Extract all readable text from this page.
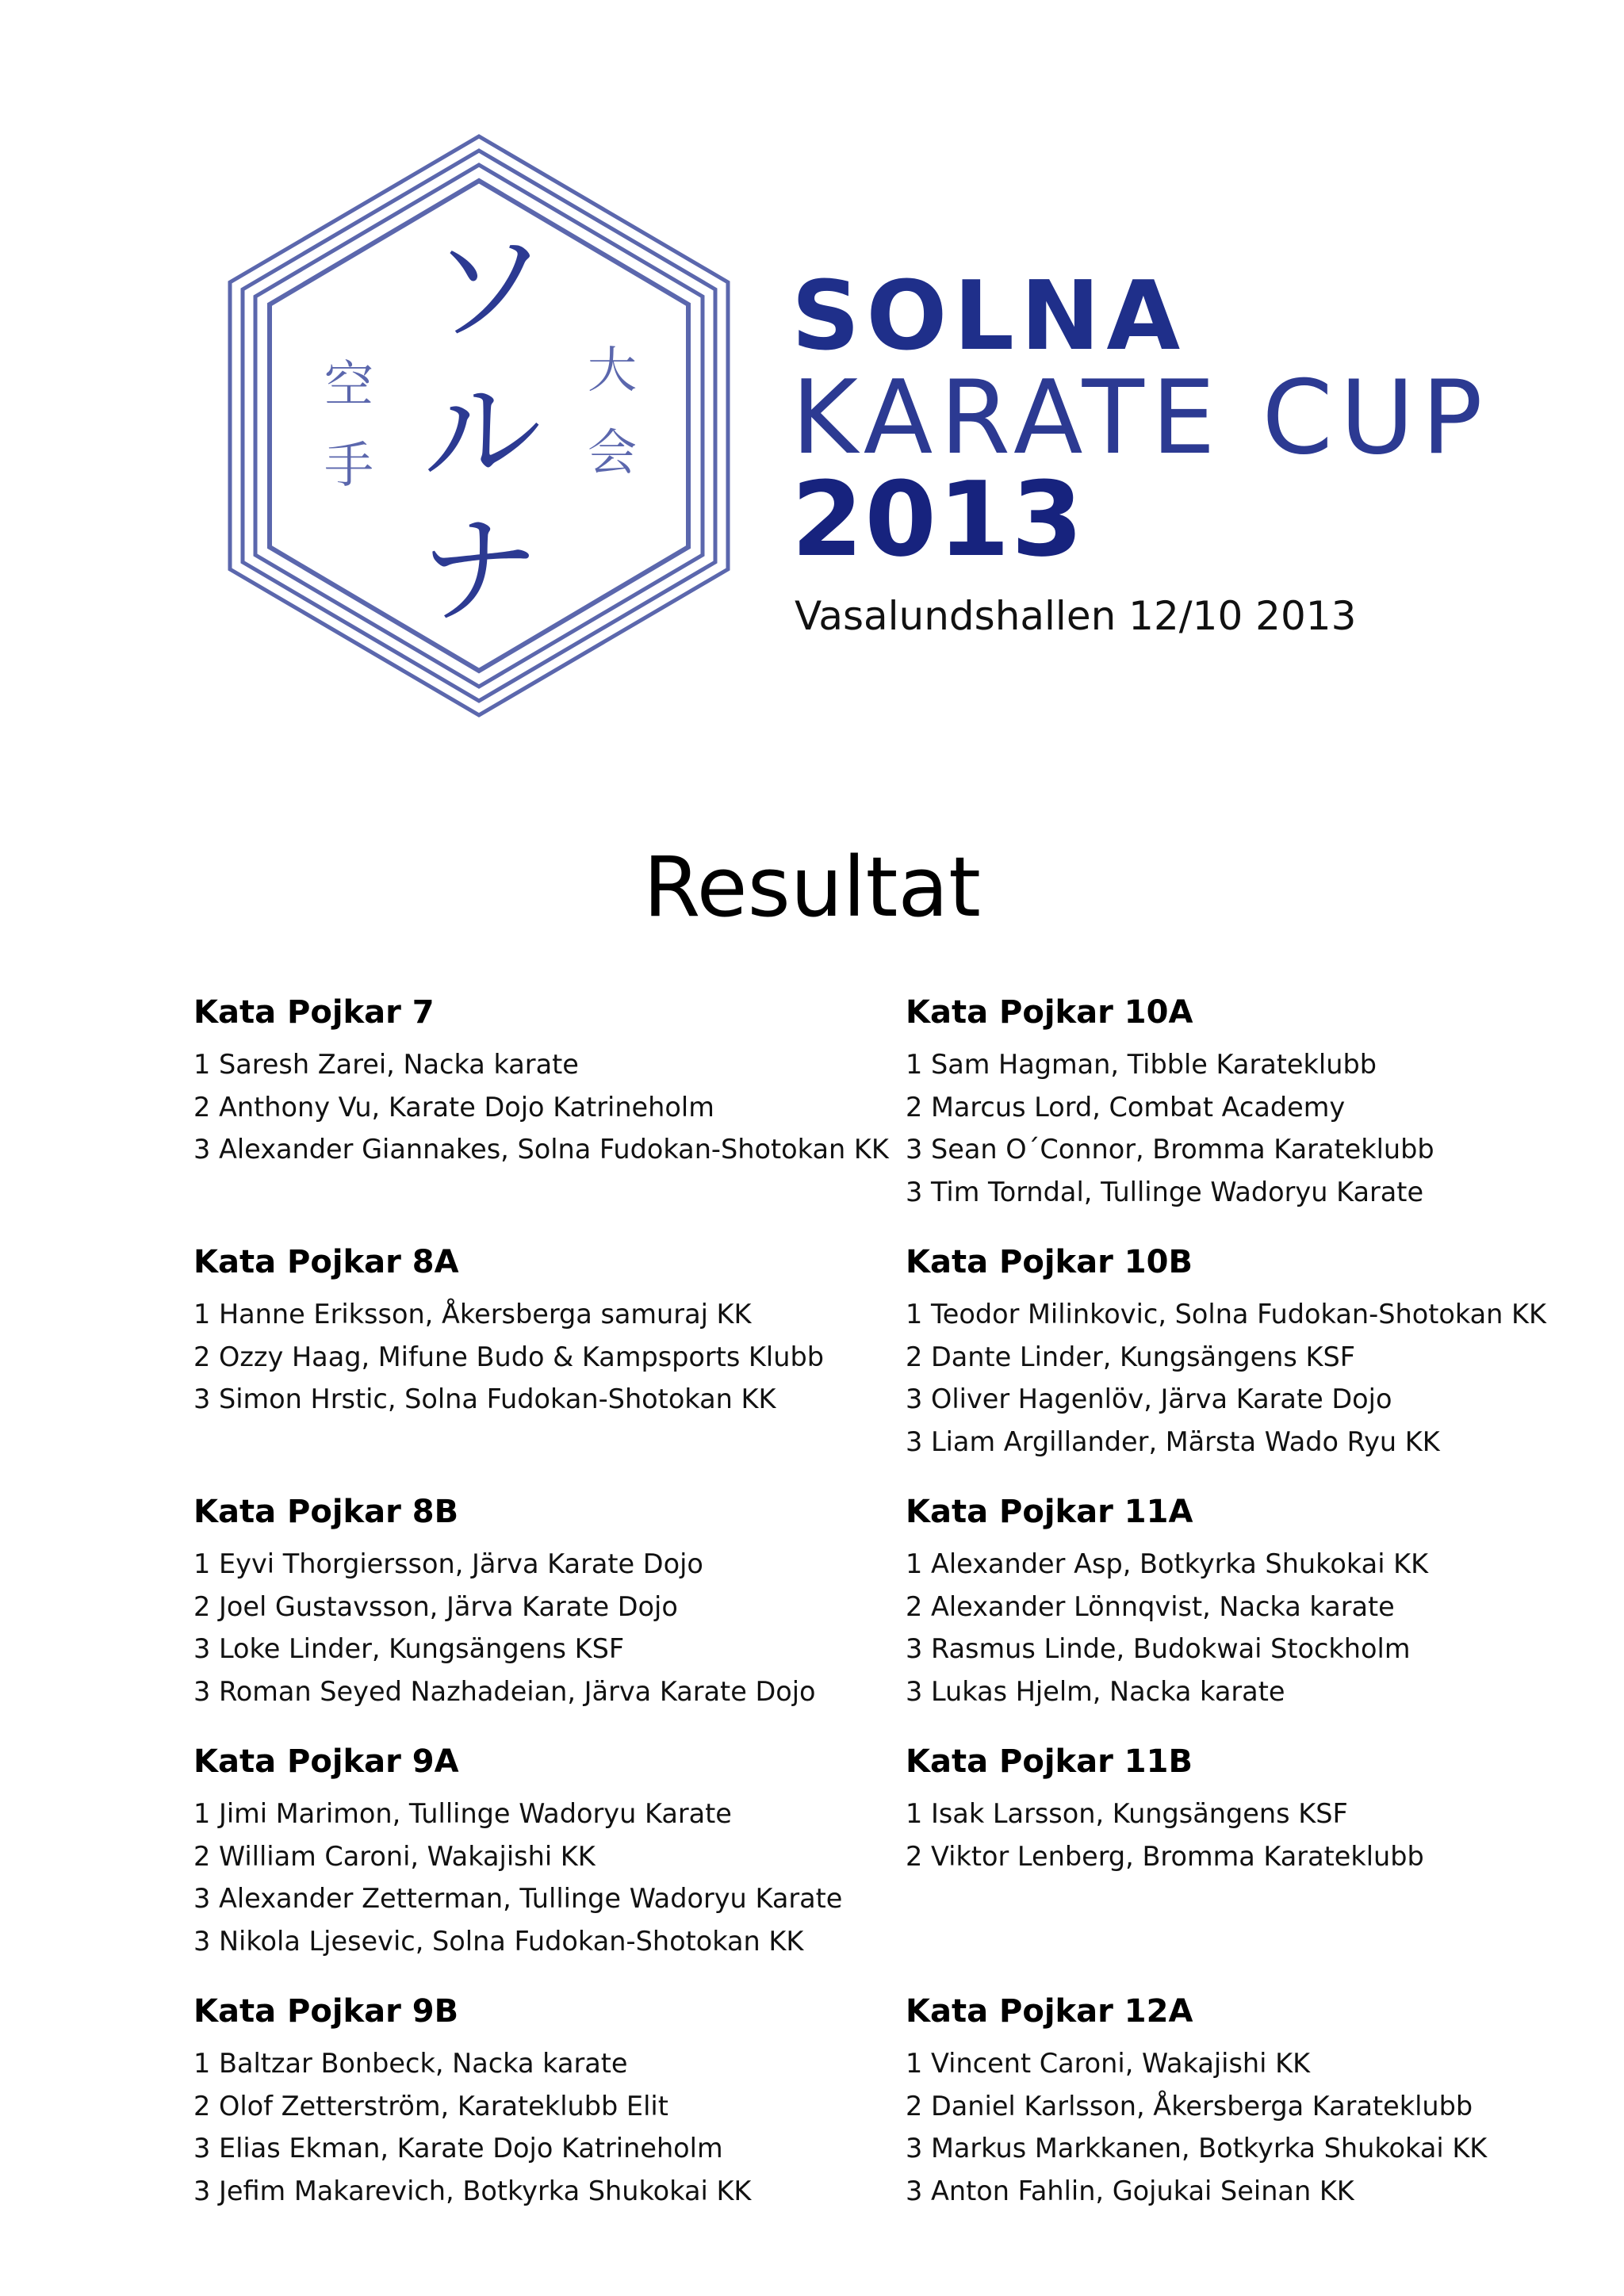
ソ
ル
ナ
空
手
大
会
SOLNA
KARATE CUP
2013
Vasalundshallen 12/10 2013
Resultat
Kata Pojkar 7
1 Saresh Zarei, Nacka karate
2 Anthony Vu, Karate Dojo Katrineholm
3 Alexander Giannakes, Solna Fudokan-Shotokan KK
Kata Pojkar 8A
1 Hanne Eriksson, Åkersberga samuraj KK
2 Ozzy Haag, Mifune Budo & Kampsports Klubb
3 Simon Hrstic, Solna Fudokan-Shotokan KK
Kata Pojkar 8B
1 Eyvi Thorgiersson, Järva Karate Dojo
2 Joel Gustavsson, Järva Karate Dojo
3 Loke Linder, Kungsängens KSF
3 Roman Seyed Nazhadeian, Järva Karate Dojo
Kata Pojkar 9A
1 Jimi Marimon, Tullinge Wadoryu Karate
2 William Caroni, Wakajishi KK
3 Alexander Zetterman, Tullinge Wadoryu Karate
3 Nikola Ljesevic, Solna Fudokan-Shotokan KK
Kata Pojkar 9B
1 Baltzar Bonbeck, Nacka karate
2 Olof Zetterström, Karateklubb Elit
3 Elias Ekman, Karate Dojo Katrineholm
3 Jefim Makarevich, Botkyrka Shukokai KK
Kata Pojkar 10A
1 Sam Hagman, Tibble Karateklubb
2 Marcus Lord, Combat Academy
3 Sean O´Connor, Bromma Karateklubb
3 Tim Torndal, Tullinge Wadoryu Karate
Kata Pojkar 10B
1 Teodor Milinkovic, Solna Fudokan-Shotokan KK
2 Dante Linder, Kungsängens KSF
3 Oliver Hagenlöv, Järva Karate Dojo
3 Liam Argillander, Märsta Wado Ryu KK
Kata Pojkar 11A
1 Alexander Asp, Botkyrka Shukokai KK
2 Alexander Lönnqvist, Nacka karate
3 Rasmus Linde, Budokwai Stockholm
3 Lukas Hjelm, Nacka karate
Kata Pojkar 11B
1 Isak Larsson, Kungsängens KSF
2 Viktor Lenberg, Bromma Karateklubb
Kata Pojkar 12A
1 Vincent Caroni, Wakajishi KK
2 Daniel Karlsson, Åkersberga Karateklubb
3 Markus Markkanen, Botkyrka Shukokai KK
3 Anton Fahlin, Gojukai Seinan KK
